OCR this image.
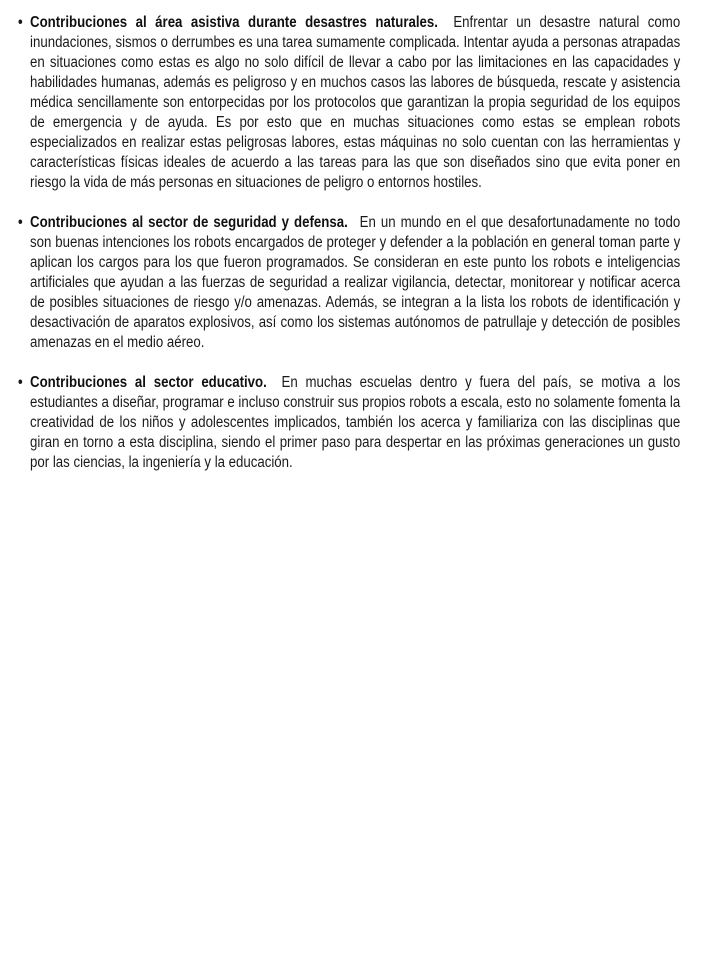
• Contribuciones al área asistiva durante desastres naturales. Enfrentar un desastre natural como inundaciones, sismos o derrumbes es una tarea sumamente complicada. Intentar ayuda a personas atrapadas en situaciones como estas es algo no solo difícil de llevar a cabo por las limitaciones en las capacidades y habilidades humanas, además es peligroso y en muchos casos las labores de búsqueda, rescate y asistencia médica sencillamente son entorpecidas por los protocolos que garantizan la propia seguridad de los equipos de emergencia y de ayuda. Es por esto que en muchas situaciones como estas se emplean robots especializados en realizar estas peligrosas labores, estas máquinas no solo cuentan con las herramientas y características físicas ideales de acuerdo a las tareas para las que son diseñados sino que evita poner en riesgo la vida de más personas en situaciones de peligro o entornos hostiles.

• Contribuciones al sector de seguridad y defensa. En un mundo en el que desafortunadamente no todo son buenas intenciones los robots encargados de proteger y defender a la población en general toman parte y aplican los cargos para los que fueron programados. Se consideran en este punto los robots e inteligencias artificiales que ayudan a las fuerzas de seguridad a realizar vigilancia, detectar, monitorear y notificar acerca de posibles situaciones de riesgo y/o amenazas. Además, se integran a la lista los robots de identificación y desactivación de aparatos explosivos, así como los sistemas autónomos de patrullaje y detección de posibles amenazas en el medio aéreo.

• Contribuciones al sector educativo. En muchas escuelas dentro y fuera del país, se motiva a los estudiantes a diseñar, programar e incluso construir sus propios robots a escala, esto no solamente fomenta la creatividad de los niños y adolescentes implicados, también los acerca y familiariza con las disciplinas que giran en torno a esta disciplina, siendo el primer paso para despertar en las próximas generaciones un gusto por las ciencias, la ingeniería y la educación.
